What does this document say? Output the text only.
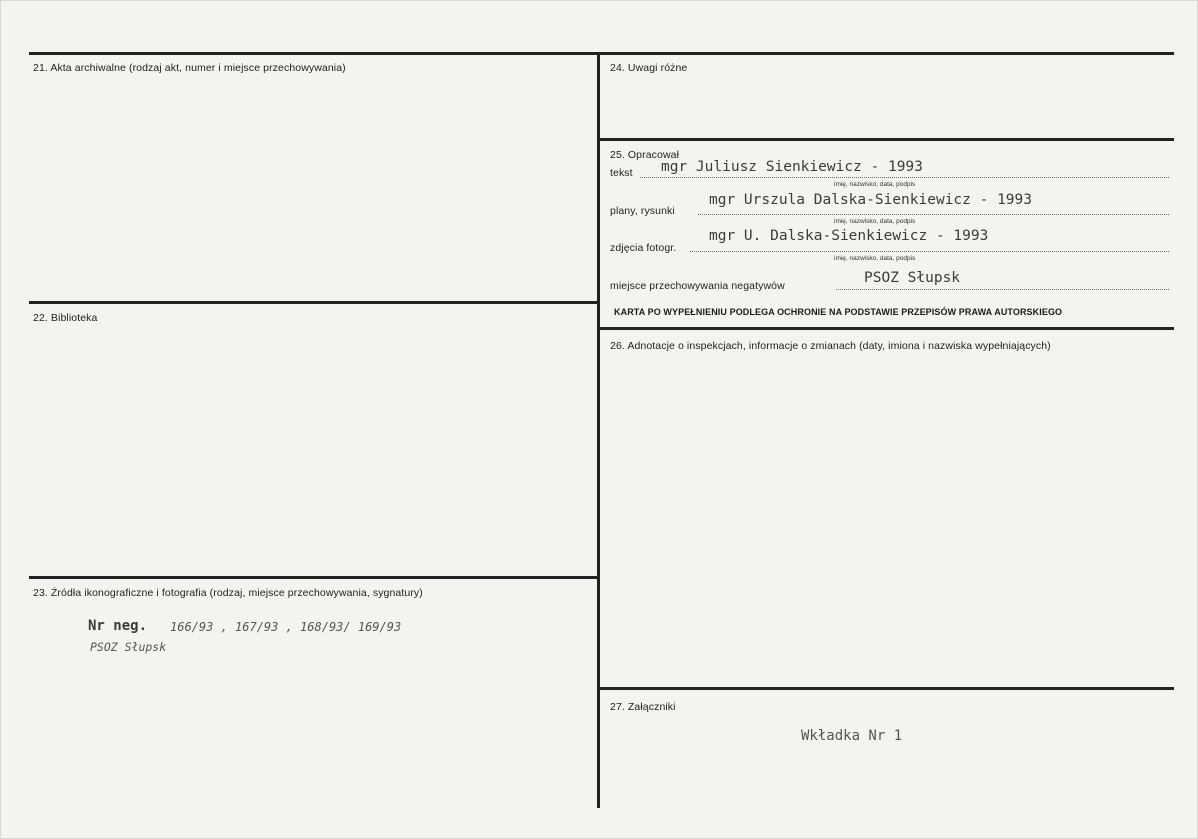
21. Akta archiwalne (rodzaj akt, numer i miejsce przechowywania)
22. Biblioteka
23. Źródła ikonograficzne i fotografia (rodzaj, miejsce przechowywania, sygnatury)
Nr neg. 166/93 , 167/93 , 168/93/ 169/93
PSOZ Słupsk
24. Uwagi różne
25. Opracował
tekst mgr Juliusz Sienkiewicz - 1993
imię, nazwisko, data, podpis
plany, rysunki
mgr Urszula Dalska-Sienkiewicz - 1993
imię, nazwisko, data, podpis
zdjęcia fotogr.
mgr U. Dalska-Sienkiewicz - 1993
imię, nazwisko, data, podpis
miejsce przechowywania negatywów	PSOZ Słupsk
KARTA PO WYPEŁNIENIU PODLEGA OCHRONIE NA PODSTAWIE PRZEPISÓW PRAWA AUTORSKIEGO
26. Adnotacje o inspekcjach, informacje o zmianach (daty, imiona i nazwiska wypełniających)
27. Załączniki
Wkładka Nr 1
